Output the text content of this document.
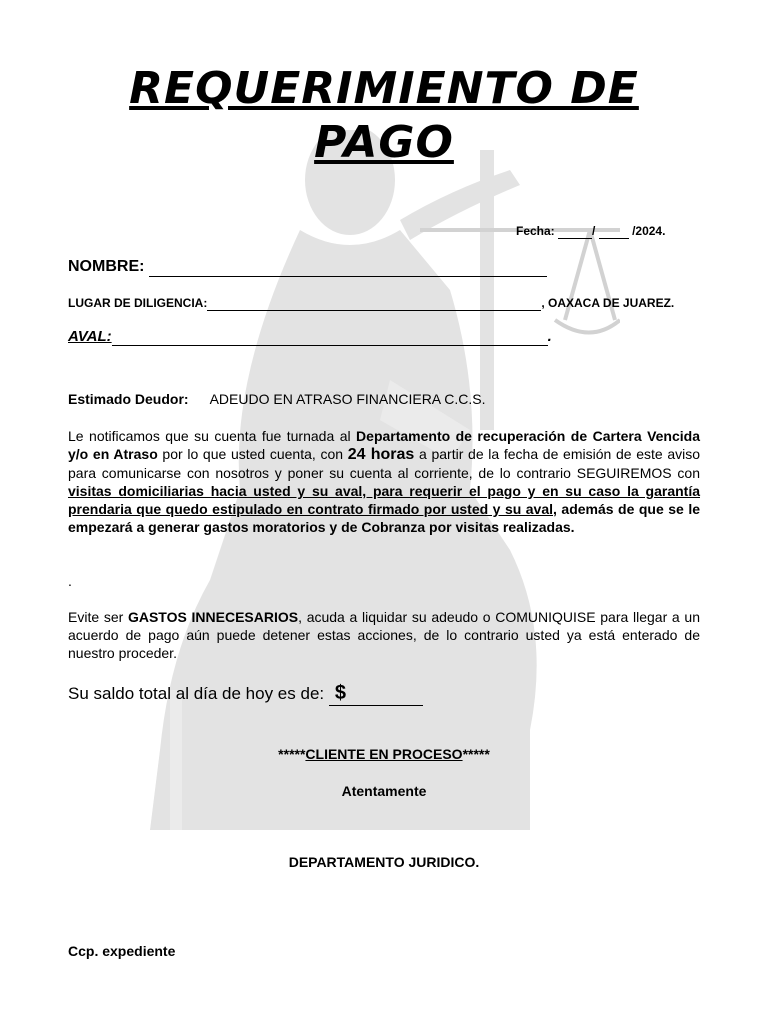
REQUERIMIENTO DE PAGO
Fecha:	/	/2024.
NOMBRE:
LUGAR DE DILIGENCIA:	, OAXACA DE JUAREZ.
AVAL:	.
Estimado Deudor: ADEUDO EN ATRASO FINANCIERA C.C.S.
Le notificamos que su cuenta fue turnada al Departamento de recuperación de Cartera Vencida y/o en Atraso por lo que usted cuenta, con 24 horas a partir de la fecha de emisión de este aviso para comunicarse con nosotros y poner su cuenta al corriente, de lo contrario SEGUIREMOS con visitas domiciliarias hacia usted y su aval, para requerir el pago y en su caso la garantía prendaria que quedo estipulado en contrato firmado por usted y su aval, además de que se le empezará a generar gastos moratorios y de Cobranza por visitas realizadas.
.
Evite ser GASTOS INNECESARIOS, acuda a liquidar su adeudo o COMUNIQUISE para llegar a un acuerdo de pago aún puede detener estas acciones, de lo contrario usted ya está enterado de nuestro proceder.
Su saldo total al día de hoy es de: $
*****CLIENTE EN PROCESO*****
Atentamente
DEPARTAMENTO JURIDICO.
Ccp. expediente
